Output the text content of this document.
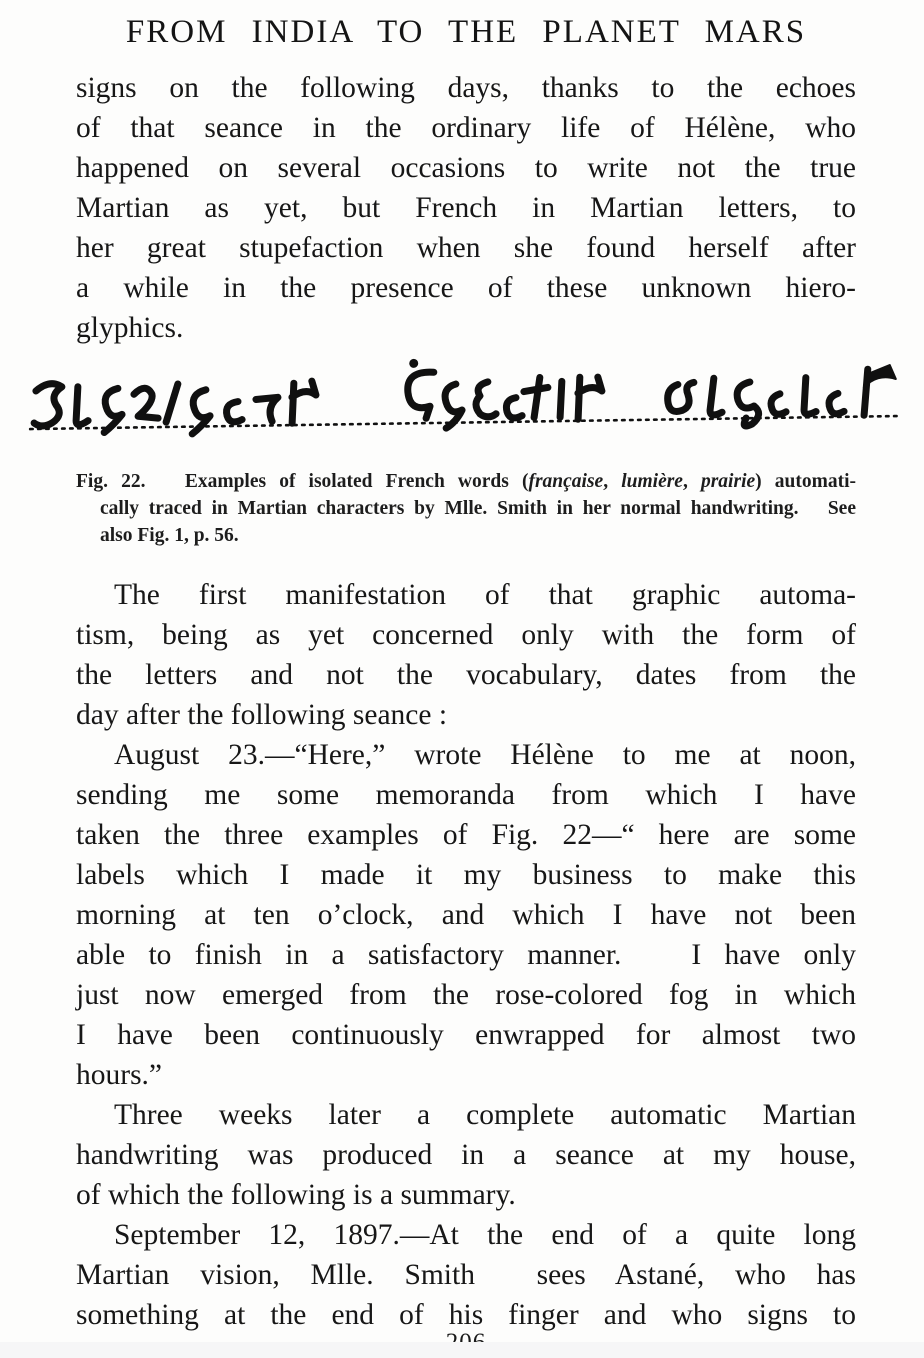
FROM INDIA TO THE PLANET MARS
signs on the following days, thanks to the echoes
of that seance in the ordinary life of Hélène, who
happened on several occasions to write not the true
Martian as yet, but French in Martian letters, to
her great stupefaction when she found herself after
a while in the presence of these unknown hiero-
glyphics.
Fig. 22.   Examples of isolated French words (française, lumière, prairie) automati-
cally traced in Martian characters by Mlle. Smith in her normal handwriting.   See
also Fig. 1, p. 56.
The first manifestation of that graphic automa-
tism, being as yet concerned only with the form of
the letters and not the vocabulary, dates from the
day after the following seance :
August 23.—“Here,” wrote Hélène to me at noon,
sending me some memoranda from which I have
taken the three examples of Fig. 22—“ here are some
labels which I made it my business to make this
morning at ten o’clock, and which I have not been
able to finish in a satisfactory manner.   I have only
just now emerged from the rose-colored fog in which
I have been continuously enwrapped for almost two
hours.”
Three weeks later a complete automatic Martian
handwriting was produced in a seance at my house,
of which the following is a summary.
September 12, 1897.—At the end of a quite long
Martian vision, Mlle. Smith  sees Astané, who has
something at the end of his finger and who signs to
